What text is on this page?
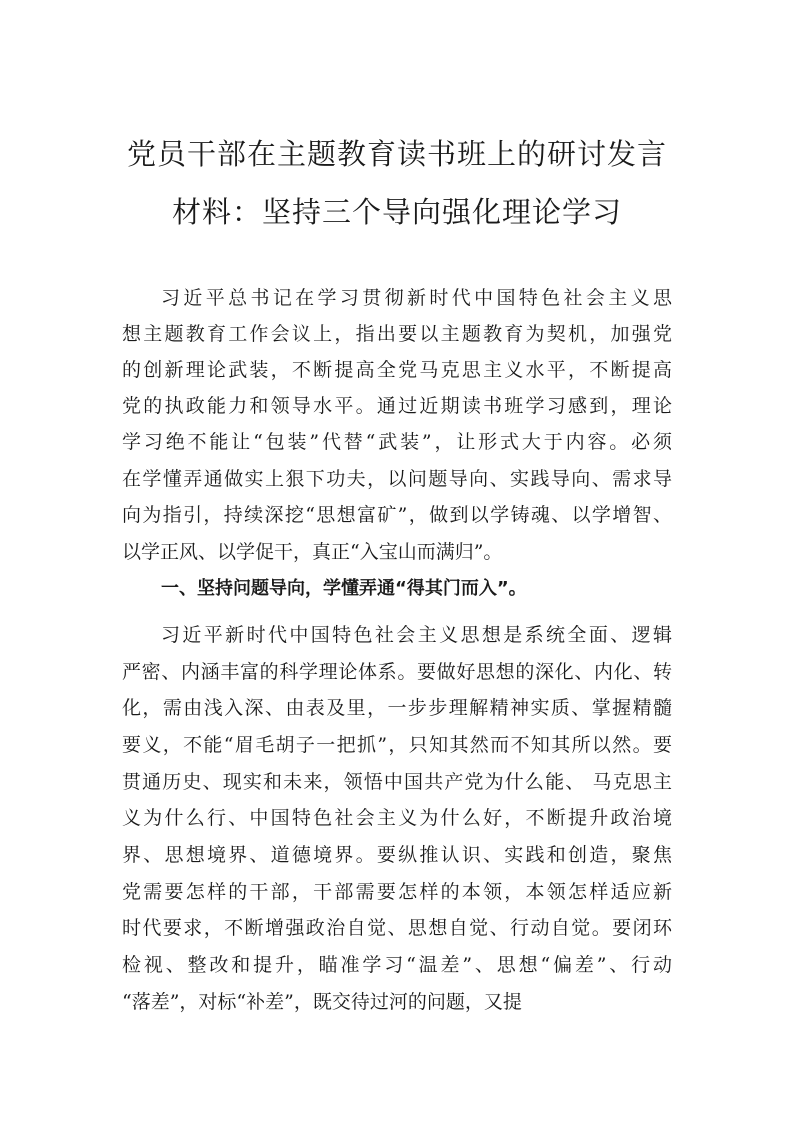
党员干部在主题教育读书班上的研讨发言
材料：坚持三个导向强化理论学习
习近平总书记在学习贯彻新时代中国特色社会主义思
想主题教育工作会议上，指出要以主题教育为契机，加强党
的创新理论武装，不断提高全党马克思主义水平，不断提高
党的执政能力和领导水平。通过近期读书班学习感到，理论
学习绝不能让“包装”代替“武装”，让形式大于内容。必须
在学懂弄通做实上狠下功夫，以问题导向、实践导向、需求导
向为指引，持续深挖“思想富矿”，做到以学铸魂、以学增智、
以学正风、以学促干，真正“入宝山而满归”。
一、坚持问题导向，学懂弄通“得其门而入”。
习近平新时代中国特色社会主义思想是系统全面、逻辑
严密、内涵丰富的科学理论体系。要做好思想的深化、内化、转
化，需由浅入深、由表及里，一步步理解精神实质、掌握精髓
要义，不能“眉毛胡子一把抓”，只知其然而不知其所以然。要
贯通历史、现实和未来，领悟中国共产党为什么能、 马克思主
义为什么行、中国特色社会主义为什么好，不断提升政治境
界、思想境界、道德境界。要纵推认识、实践和创造，聚焦
党需要怎样的干部，干部需要怎样的本领，本领怎样适应新
时代要求，不断增强政治自觉、思想自觉、行动自觉。要闭环
检视、整改和提升，瞄准学习“温差”、思想“偏差”、行动
“落差”，对标“补差”，既交待过河的问题，又提
